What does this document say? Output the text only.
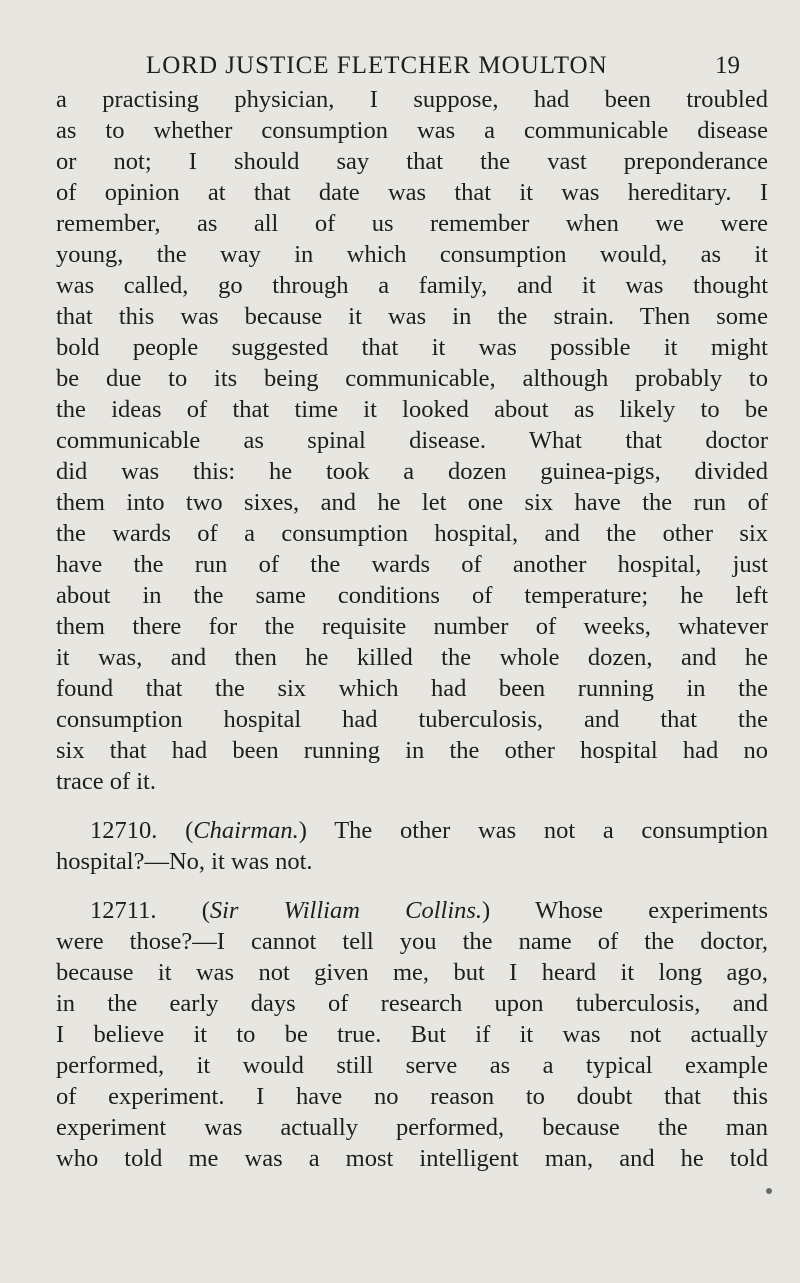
LORD JUSTICE FLETCHER MOULTON	19

a practising physician, I suppose, had been troubled

as to whether consumption was a communicable disease

or not; I should say that the vast preponderance

of opinion at that date was that it was hereditary. I

remember, as all of us remember when we were

young, the way in which consumption would, as it

was called, go through a family, and it was thought

that this was because it was in the strain. Then some

bold people suggested that it was possible it might

be due to its being communicable, although probably to

the ideas of that time it looked about as likely to be

communicable as spinal disease. What that doctor

did was this: he took a dozen guinea-pigs, divided

them into two sixes, and he let one six have the run of

the wards of a consumption hospital, and the other six

have the run of the wards of another hospital, just

about in the same conditions of temperature; he left

them there for the requisite number of weeks, whatever

it was, and then he killed the whole dozen, and he

found that the six which had been running in the

consumption hospital had tuberculosis, and that the

six that had been running in the other hospital had no

trace of it.

12710. (Chairman.) The other was not a consumption

hospital?—No, it was not.

12711. (Sir William Collins.) Whose experiments

were those?—I cannot tell you the name of the doctor,

because it was not given me, but I heard it long ago,

in the early days of research upon tuberculosis, and

I believe it to be true. But if it was not actually

performed, it would still serve as a typical example

of experiment. I have no reason to doubt that this

experiment was actually performed, because the man

who told me was a most intelligent man, and he told
